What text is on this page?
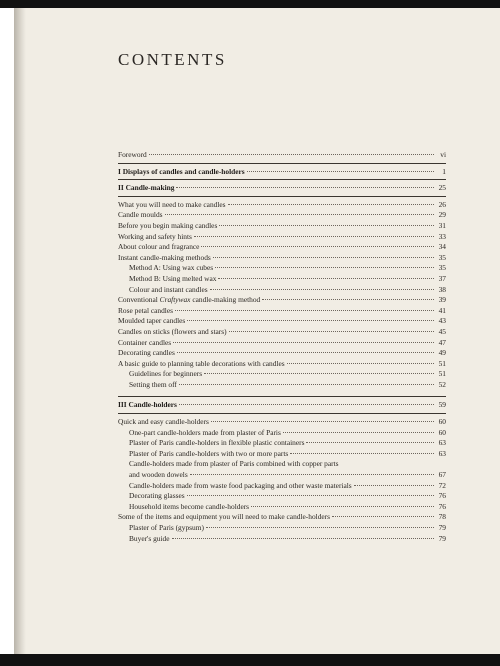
CONTENTS
Foreword	vi
I Displays of candles and candle-holders	1
II Candle-making	25
What you will need to make candles	26
Candle moulds	29
Before you begin making candles	31
Working and safety hints	33
About colour and fragrance	34
Instant candle-making methods	35
Method A: Using wax cubes	35
Method B: Using melted wax	37
Colour and instant candles	38
Conventional Craftywax candle-making method	39
Rose petal candles	41
Moulded taper candles	43
Candles on sticks (flowers and stars)	45
Container candles	47
Decorating candles	49
A basic guide to planning table decorations with candles	51
Guidelines for beginners	51
Setting them off	52
III Candle-holders	59
Quick and easy candle-holders	60
One-part candle-holders made from plaster of Paris	60
Plaster of Paris candle-holders in flexible plastic containers	63
Plaster of Paris candle-holders with two or more parts	63
Candle-holders made from plaster of Paris combined with copper parts
and wooden dowels	67
Candle-holders made from waste food packaging and other waste materials	72
Decorating glasses	76
Household items become candle-holders	76
Some of the items and equipment you will need to make candle-holders	78
Plaster of Paris (gypsum)	79
Buyer's guide	79
